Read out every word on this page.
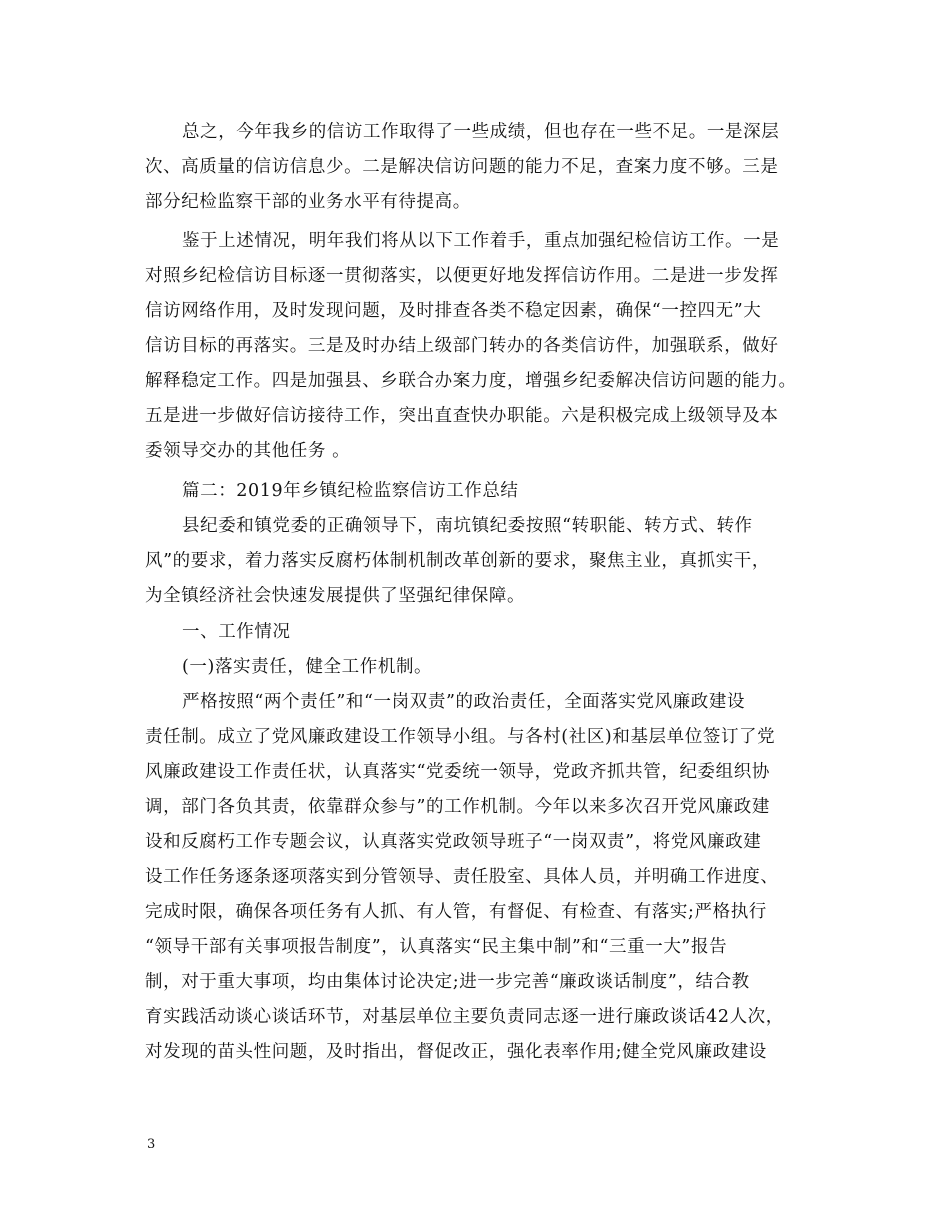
总之，今年我乡的信访工作取得了一些成绩，但也存在一些不足。一是深层
次、高质量的信访信息少。二是解决信访问题的能力不足，查案力度不够。三是
部分纪检监察干部的业务水平有待提高。
鉴于上述情况，明年我们将从以下工作着手，重点加强纪检信访工作。一是
对照乡纪检信访目标逐一贯彻落实，以便更好地发挥信访作用。二是进一步发挥
信访网络作用，及时发现问题，及时排查各类不稳定因素，确保“一控四无”大
信访目标的再落实。三是及时办结上级部门转办的各类信访件，加强联系，做好
解释稳定工作。四是加强县、乡联合办案力度，增强乡纪委解决信访问题的能力。
五是进一步做好信访接待工作，突出直查快办职能。六是积极完成上级领导及本
委领导交办的其他任务 。
篇二：2019年乡镇纪检监察信访工作总结
县纪委和镇党委的正确领导下，南坑镇纪委按照“转职能、转方式、转作
风”的要求，着力落实反腐朽体制机制改革创新的要求，聚焦主业，真抓实干，
为全镇经济社会快速发展提供了坚强纪律保障。
一、工作情况
(一)落实责任，健全工作机制。
严格按照“两个责任”和“一岗双责”的政治责任，全面落实党风廉政建设
责任制。成立了党风廉政建设工作领导小组。与各村(社区)和基层单位签订了党
风廉政建设工作责任状，认真落实“党委统一领导，党政齐抓共管，纪委组织协
调，部门各负其责，依靠群众参与”的工作机制。今年以来多次召开党风廉政建
设和反腐朽工作专题会议，认真落实党政领导班子“一岗双责”，将党风廉政建
设工作任务逐条逐项落实到分管领导、责任股室、具体人员，并明确工作进度、
完成时限，确保各项任务有人抓、有人管，有督促、有检查、有落实;严格执行
“领导干部有关事项报告制度”，认真落实“民主集中制”和“三重一大”报告
制，对于重大事项，均由集体讨论决定;进一步完善“廉政谈话制度”，结合教
育实践活动谈心谈话环节，对基层单位主要负责同志逐一进行廉政谈话42人次，
对发现的苗头性问题，及时指出，督促改正，强化表率作用;健全党风廉政建设
3
